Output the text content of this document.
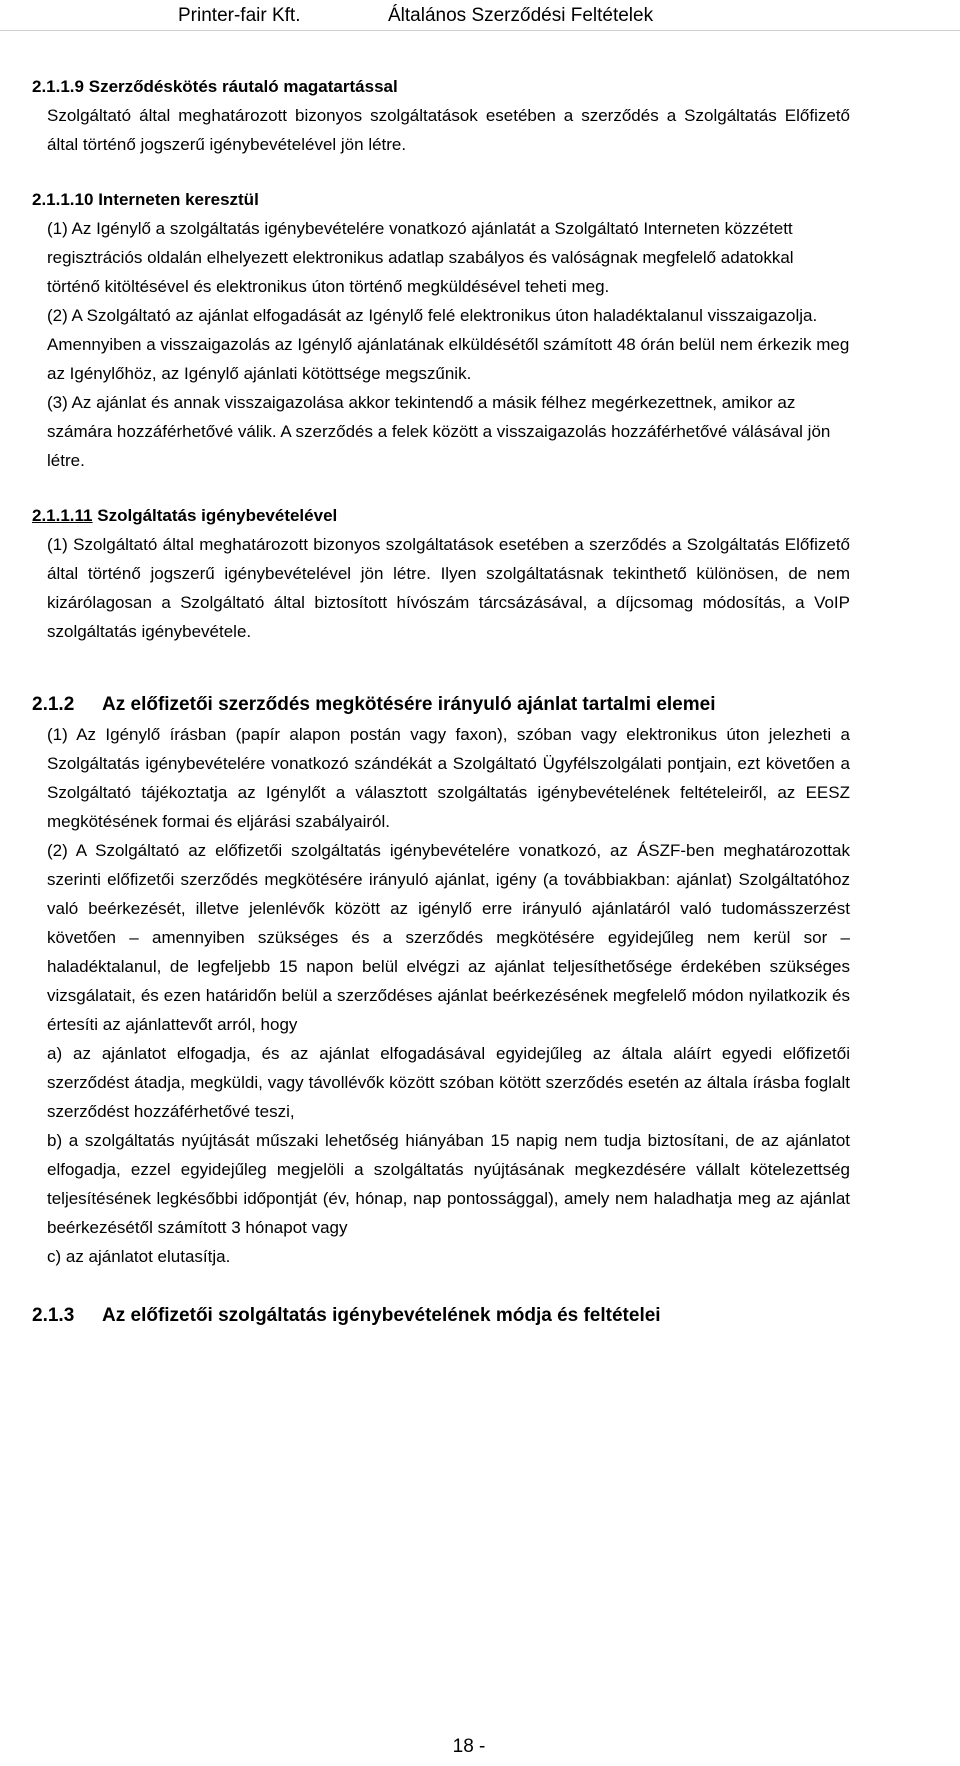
Printer-fair Kft.	Általános Szerződési Feltételek
2.1.1.9 Szerződéskötés ráutaló magatartással

Szolgáltató által meghatározott bizonyos szolgáltatások esetében a szerződés a Szolgáltatás Előfizető által történő jogszerű igénybevételével jön létre.

2.1.1.10 Interneten keresztül

(1) Az Igénylő a szolgáltatás igénybevételére vonatkozó ajánlatát a Szolgáltató Interneten közzétett regisztrációs oldalán elhelyezett elektronikus adatlap szabályos és valóságnak megfelelő adatokkal történő kitöltésével és elektronikus úton történő megküldésével teheti meg.

(2) A Szolgáltató az ajánlat elfogadását az Igénylő felé elektronikus úton haladéktalanul visszaigazolja. Amennyiben a visszaigazolás az Igénylő ajánlatának elküldésétől számított 48 órán belül nem érkezik meg az Igénylőhöz, az Igénylő ajánlati kötöttsége megszűnik.

(3) Az ajánlat és annak visszaigazolása akkor tekintendő a másik félhez megérkezettnek, amikor az számára hozzáférhetővé válik. A szerződés a felek között a visszaigazolás hozzáférhetővé válásával jön létre.

2.1.1.11 Szolgáltatás igénybevételével

(1) Szolgáltató által meghatározott bizonyos szolgáltatások esetében a szerződés a Szolgáltatás Előfizető által történő jogszerű igénybevételével jön létre. Ilyen szolgáltatásnak tekinthető különösen, de nem kizárólagosan a Szolgáltató által biztosított hívószám tárcsázásával, a díjcsomag módosítás, a VoIP szolgáltatás igénybevétele.

2.1.2 Az előfizetői szerződés megkötésére irányuló ajánlat tartalmi elemei

(1) Az Igénylő írásban (papír alapon postán vagy faxon), szóban vagy elektronikus úton jelezheti a Szolgáltatás igénybevételére vonatkozó szándékát a Szolgáltató Ügyfélszolgálati pontjain, ezt követően a Szolgáltató tájékoztatja az Igénylőt a választott szolgáltatás igénybevételének feltételeiről, az EESZ megkötésének formai és eljárási szabályairól.

(2) A Szolgáltató az előfizetői szolgáltatás igénybevételére vonatkozó, az ÁSZF-ben meghatározottak szerinti előfizetői szerződés megkötésére irányuló ajánlat, igény (a továbbiakban: ajánlat) Szolgáltatóhoz való beérkezését, illetve jelenlévők között az igénylő erre irányuló ajánlatáról való tudomásszerzést követően – amennyiben szükséges és a szerződés megkötésére egyidejűleg nem kerül sor – haladéktalanul, de legfeljebb 15 napon belül elvégzi az ajánlat teljesíthetősége érdekében szükséges vizsgálatait, és ezen határidőn belül a szerződéses ajánlat beérkezésének megfelelő módon nyilatkozik és értesíti az ajánlattevőt arról, hogy

a) az ajánlatot elfogadja, és az ajánlat elfogadásával egyidejűleg az általa aláírt egyedi előfizetői szerződést átadja, megküldi, vagy távollévők között szóban kötött szerződés esetén az általa írásba foglalt szerződést hozzáférhetővé teszi,

b) a szolgáltatás nyújtását műszaki lehetőség hiányában 15 napig nem tudja biztosítani, de az ajánlatot elfogadja, ezzel egyidejűleg megjelöli a szolgáltatás nyújtásának megkezdésére vállalt kötelezettség teljesítésének legkésőbbi időpontját (év, hónap, nap pontossággal), amely nem haladhatja meg az ajánlat beérkezésétől számított 3 hónapot vagy

c) az ajánlatot elutasítja.

2.1.3 Az előfizetői szolgáltatás igénybevételének módja és feltételei
18 -
